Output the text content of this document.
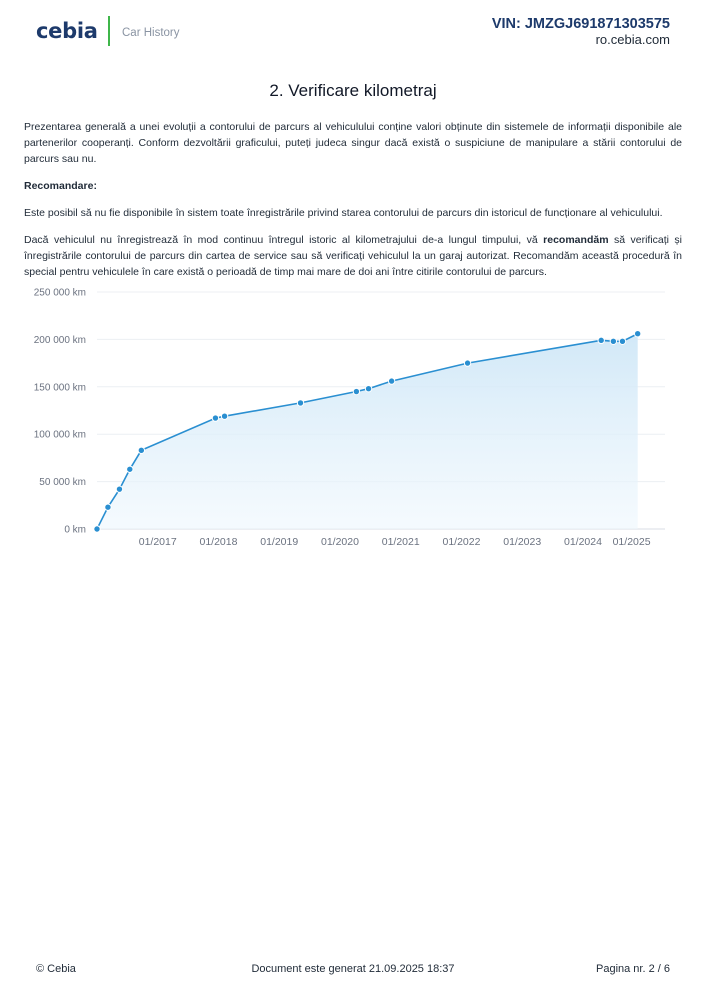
cebia Car History
VIN: JMZGJ691871303575
ro.cebia.com
2. Verificare kilometraj

Prezentarea generală a unei evoluții a contorului de parcurs al vehiculului conține valori obținute din sistemele de informații disponibile ale partenerilor cooperanți. Conform dezvoltării graficului, puteți judeca singur dacă există o suspiciune de manipulare a stării contorului de parcurs sau nu.

Recomandare:

Este posibil să nu fie disponibile în sistem toate înregistrările privind starea contorului de parcurs din istoricul de funcționare al vehiculului.

Dacă vehiculul nu înregistrează în mod continuu întregul istoric al kilometrajului de-a lungul timpului, vă recomandăm să verificați și înregistrările contorului de parcurs din cartea de service sau să verificați vehiculul la un garaj autorizat. Recomandăm această procedură în special pentru vehiculele în care există o perioadă de timp mai mare de doi ani între citirile contorului de parcurs.

0 km
50 000 km
100 000 km
150 000 km
200 000 km
250 000 km
01/2017 01/2018 01/2019 01/2020 01/2021 01/2022 01/2023 01/2024 01/2025
© Cebia	Document este generat 21.09.2025 18:37	Pagina nr. 2 / 6
